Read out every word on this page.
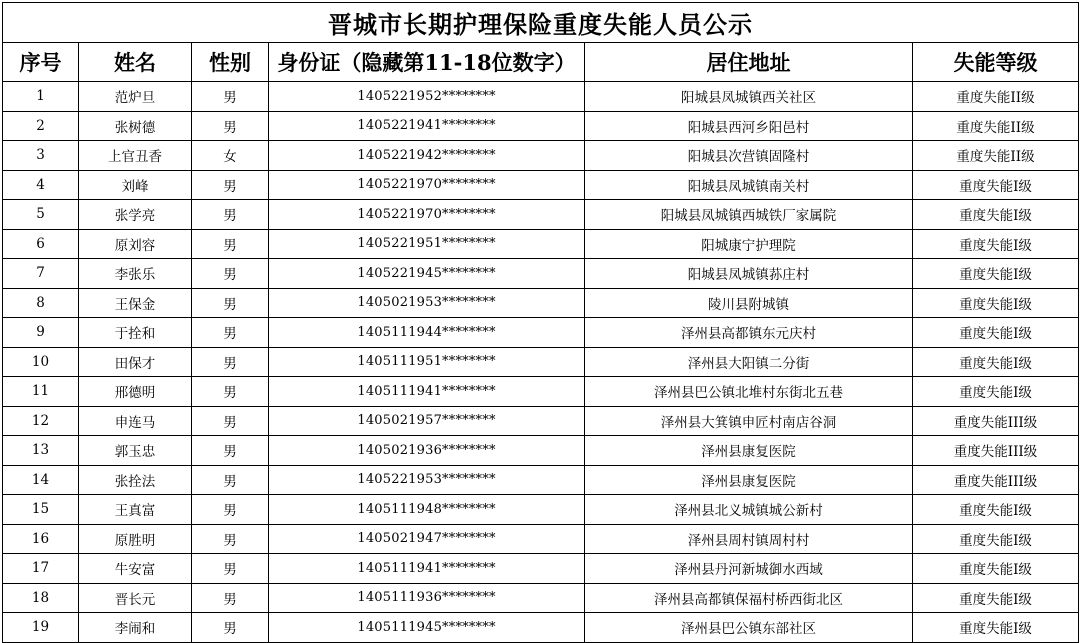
晋城市长期护理保险重度失能人员公示					
序号	姓名	性别	身份证（隐藏第11-18位数字）	居住地址	失能等级
1	范炉旦	男	1405221952********	阳城县凤城镇西关社区	重度失能II级
2	张树德	男	1405221941********	阳城县西河乡阳邑村	重度失能II级
3	上官丑香	女	1405221942********	阳城县次营镇固隆村	重度失能II级
4	刘峰	男	1405221970********	阳城县凤城镇南关村	重度失能I级
5	张学亮	男	1405221970********	阳城县凤城镇西城铁厂家属院	重度失能I级
6	原刘容	男	1405221951********	阳城康宁护理院	重度失能I级
7	李张乐	男	1405221945********	阳城县凤城镇荪庄村	重度失能I级
8	王保金	男	1405021953********	陵川县附城镇	重度失能I级
9	于拴和	男	1405111944********	泽州县高都镇东元庆村	重度失能I级
10	田保才	男	1405111951********	泽州县大阳镇二分街	重度失能I级
11	邢德明	男	1405111941********	泽州县巴公镇北堆村东街北五巷	重度失能I级
12	申连马	男	1405021957********	泽州县大箕镇申匠村南店谷洞	重度失能III级
13	郭玉忠	男	1405021936********	泽州县康复医院	重度失能III级
14	张拴法	男	1405221953********	泽州县康复医院	重度失能III级
15	王真富	男	1405111948********	泽州县北义城镇城公新村	重度失能I级
16	原胜明	男	1405021947********	泽州县周村镇周村村	重度失能I级
17	牛安富	男	1405111941********	泽州县丹河新城御水西域	重度失能I级
18	晋长元	男	1405111936********	泽州县高都镇保福村桥西街北区	重度失能I级
19	李闹和	男	1405111945********	泽州县巴公镇东部社区	重度失能I级
